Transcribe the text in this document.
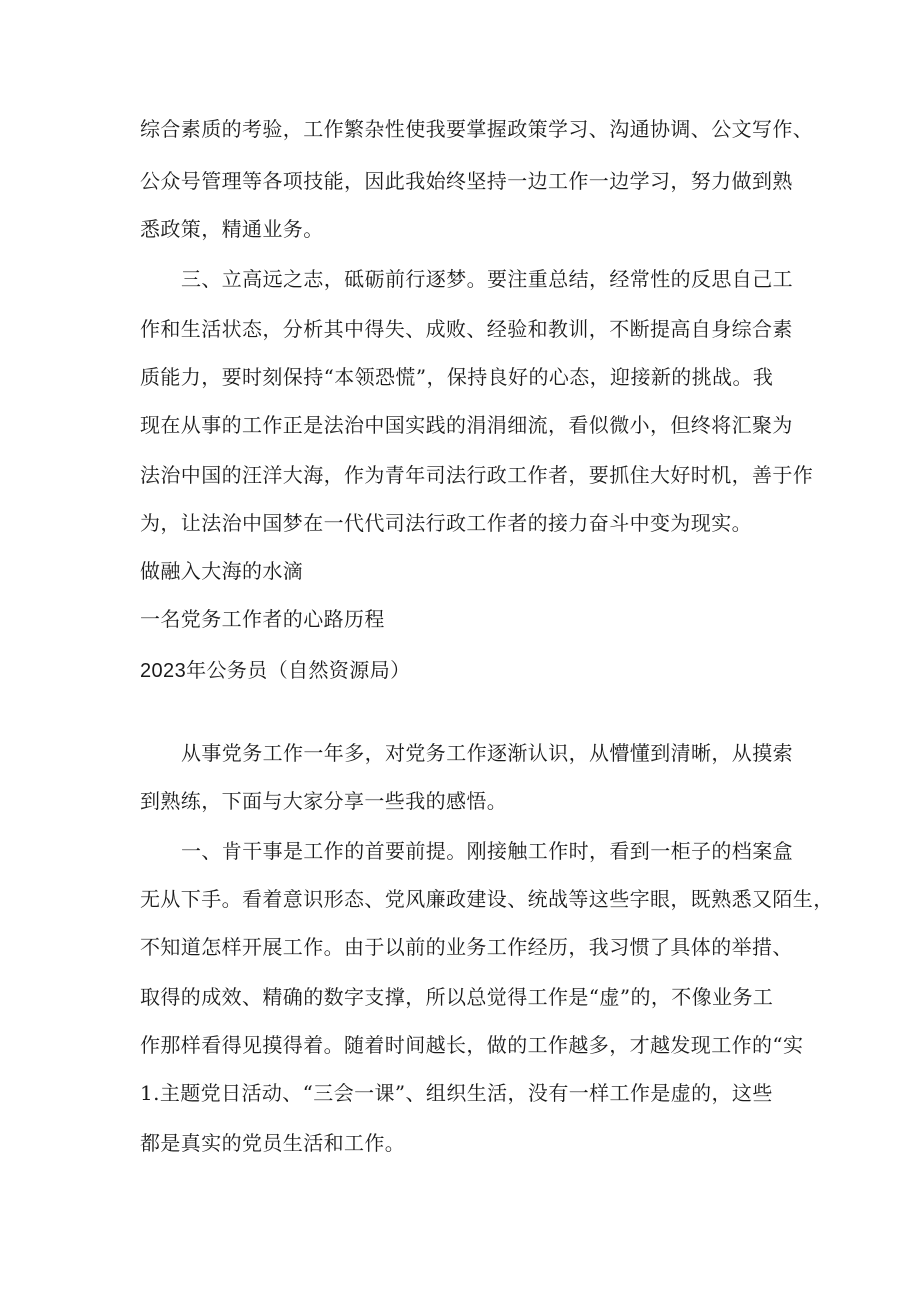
综合素质的考验，工作繁杂性使我要掌握政策学习、沟通协调、公文写作、
公众号管理等各项技能，因此我始终坚持一边工作一边学习，努力做到熟
悉政策，精通业务。
三、立高远之志，砥砺前行逐梦。要注重总结，经常性的反思自己工
作和生活状态，分析其中得失、成败、经验和教训，不断提高自身综合素
质能力，要时刻保持“本领恐慌”，保持良好的心态，迎接新的挑战。我
现在从事的工作正是法治中国实践的涓涓细流，看似微小，但终将汇聚为
法治中国的汪洋大海，作为青年司法行政工作者，要抓住大好时机，善于作
为，让法治中国梦在一代代司法行政工作者的接力奋斗中变为现实。
做融入大海的水滴
一名党务工作者的心路历程
2023年公务员（自然资源局）
从事党务工作一年多，对党务工作逐渐认识，从懵懂到清晰，从摸索
到熟练，下面与大家分享一些我的感悟。
一、肯干事是工作的首要前提。刚接触工作时，看到一柜子的档案盒
无从下手。看着意识形态、党风廉政建设、统战等这些字眼，既熟悉又陌生，
不知道怎样开展工作。由于以前的业务工作经历，我习惯了具体的举措、
取得的成效、精确的数字支撑，所以总觉得工作是“虚”的，不像业务工
作那样看得见摸得着。随着时间越长，做的工作越多，才越发现工作的“实
1.主题党日活动、“三会一课”、组织生活，没有一样工作是虚的，这些
都是真实的党员生活和工作。
